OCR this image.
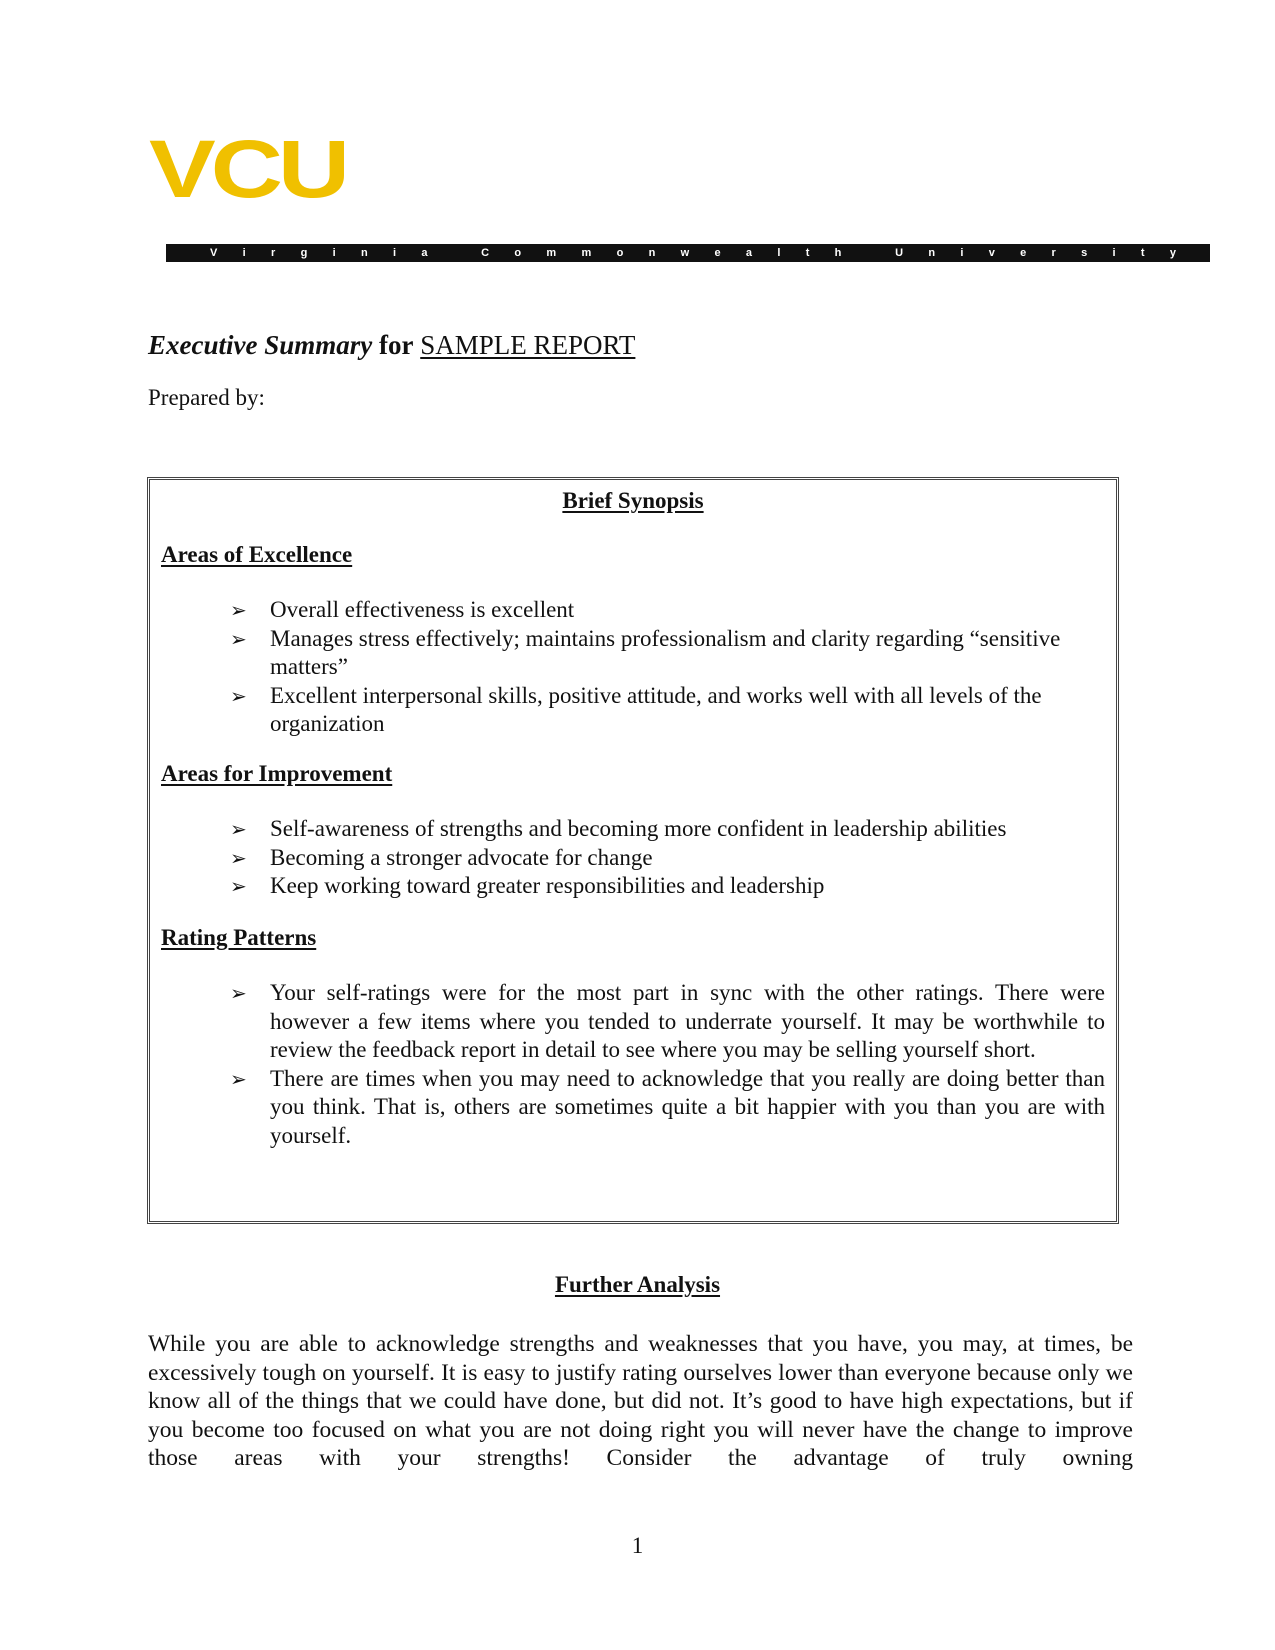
VCU
V i r g i n i a
	C o m m o n w e a l t h
	U n i v e r s i t y
Executive Summary for SAMPLE REPORT
Prepared by:
Brief Synopsis
Areas of Excellence
➢ Overall effectiveness is excellent
➢ Manages stress effectively; maintains professionalism and clarity regarding “sensitive matters”
➢ Excellent interpersonal skills, positive attitude, and works well with all levels of the organization
Areas for Improvement
➢ Self-awareness of strengths and becoming more confident in leadership abilities
➢ Becoming a stronger advocate for change
➢ Keep working toward greater responsibilities and leadership
Rating Patterns
➢ Your self-ratings were for the most part in sync with the other ratings. There were however a few items where you tended to underrate yourself. It may be worthwhile to review the feedback report in detail to see where you may be selling yourself short.
➢ There are times when you may need to acknowledge that you really are doing better than you think. That is, others are sometimes quite a bit happier with you than you are with yourself.
Further Analysis
While you are able to acknowledge strengths and weaknesses that you have, you may, at times, be excessively tough on yourself. It is easy to justify rating ourselves lower than everyone because only we know all of the things that we could have done, but did not. It’s good to have high expectations, but if you become too focused on what you are not doing right you will never have the change to improve those areas with your strengths! Consider the advantage of truly owning
1
